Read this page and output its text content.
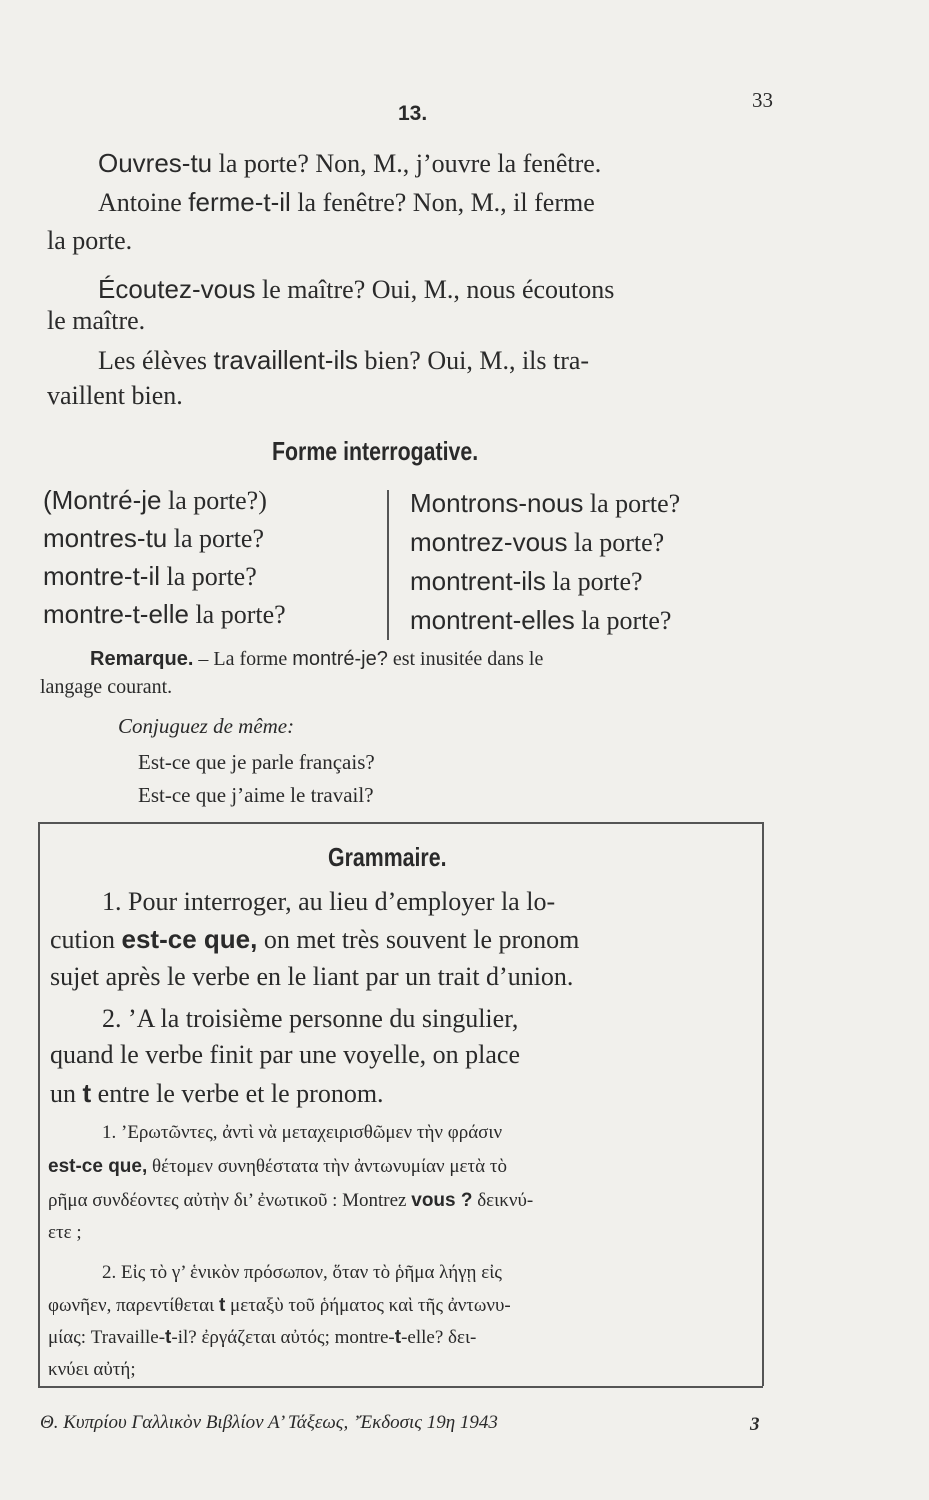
13.
33
Ouvres-tu la porte? Non, M., j’ouvre la fenêtre.
Antoine ferme-t-il la fenêtre? Non, M., il ferme
la porte.
Écoutez-vous le maître? Oui, M., nous écoutons
le maître.
Les élèves travaillent-ils bien? Oui, M., ils tra-
vaillent bien.
Forme interrogative.
(Montré-je la porte?)
montres-tu la porte?
montre-t-il la porte?
montre-t-elle la porte?
Montrons-nous la porte?
montrez-vous la porte?
montrent-ils la porte?
montrent-elles la porte?
Remarque. – La forme montré-je? est inusitée dans le
langage courant.
Conjuguez de même:
Est-ce que je parle français?
Est-ce que j’aime le travail?
Grammaire.
1. Pour interroger, au lieu d’employer la lo-
cution est-ce que, on met très souvent le pronom
sujet après le verbe en le liant par un trait d’union.
2. ʼA la troisième personne du singulier,
quand le verbe finit par une voyelle, on place
un t entre le verbe et le pronom.
1. ʼΕρωτῶντες, ἀντὶ νὰ μεταχειρισθῶμεν τὴν φράσιν
est-ce que, θέτομεν συνηθέστατα τὴν ἀντωνυμίαν μετὰ τὸ
ρῆμα συνδέοντες αὐτὴν δι’ ἐνωτικοῦ : Montrez vous ? δεικνύ-
ετε ;
2. Εἰς τὸ γ’ ἑνικὸν πρόσωπον, ὅταν τὸ ῥῆμα λήγῃ εἰς
φωνῆεν, παρεντίθεται t μεταξὺ τοῦ ῥήματος καὶ τῆς ἀντωνυ-
μίας: Travaille-t-il? ἐργάζεται αὐτός; montre-t-elle? δει-
κνύει αὐτή;
Θ. Κυπρίου Γαλλικὸν Βιβλίον Α’ Τάξεως, ʼΈκδοσις 19η 1943	3
